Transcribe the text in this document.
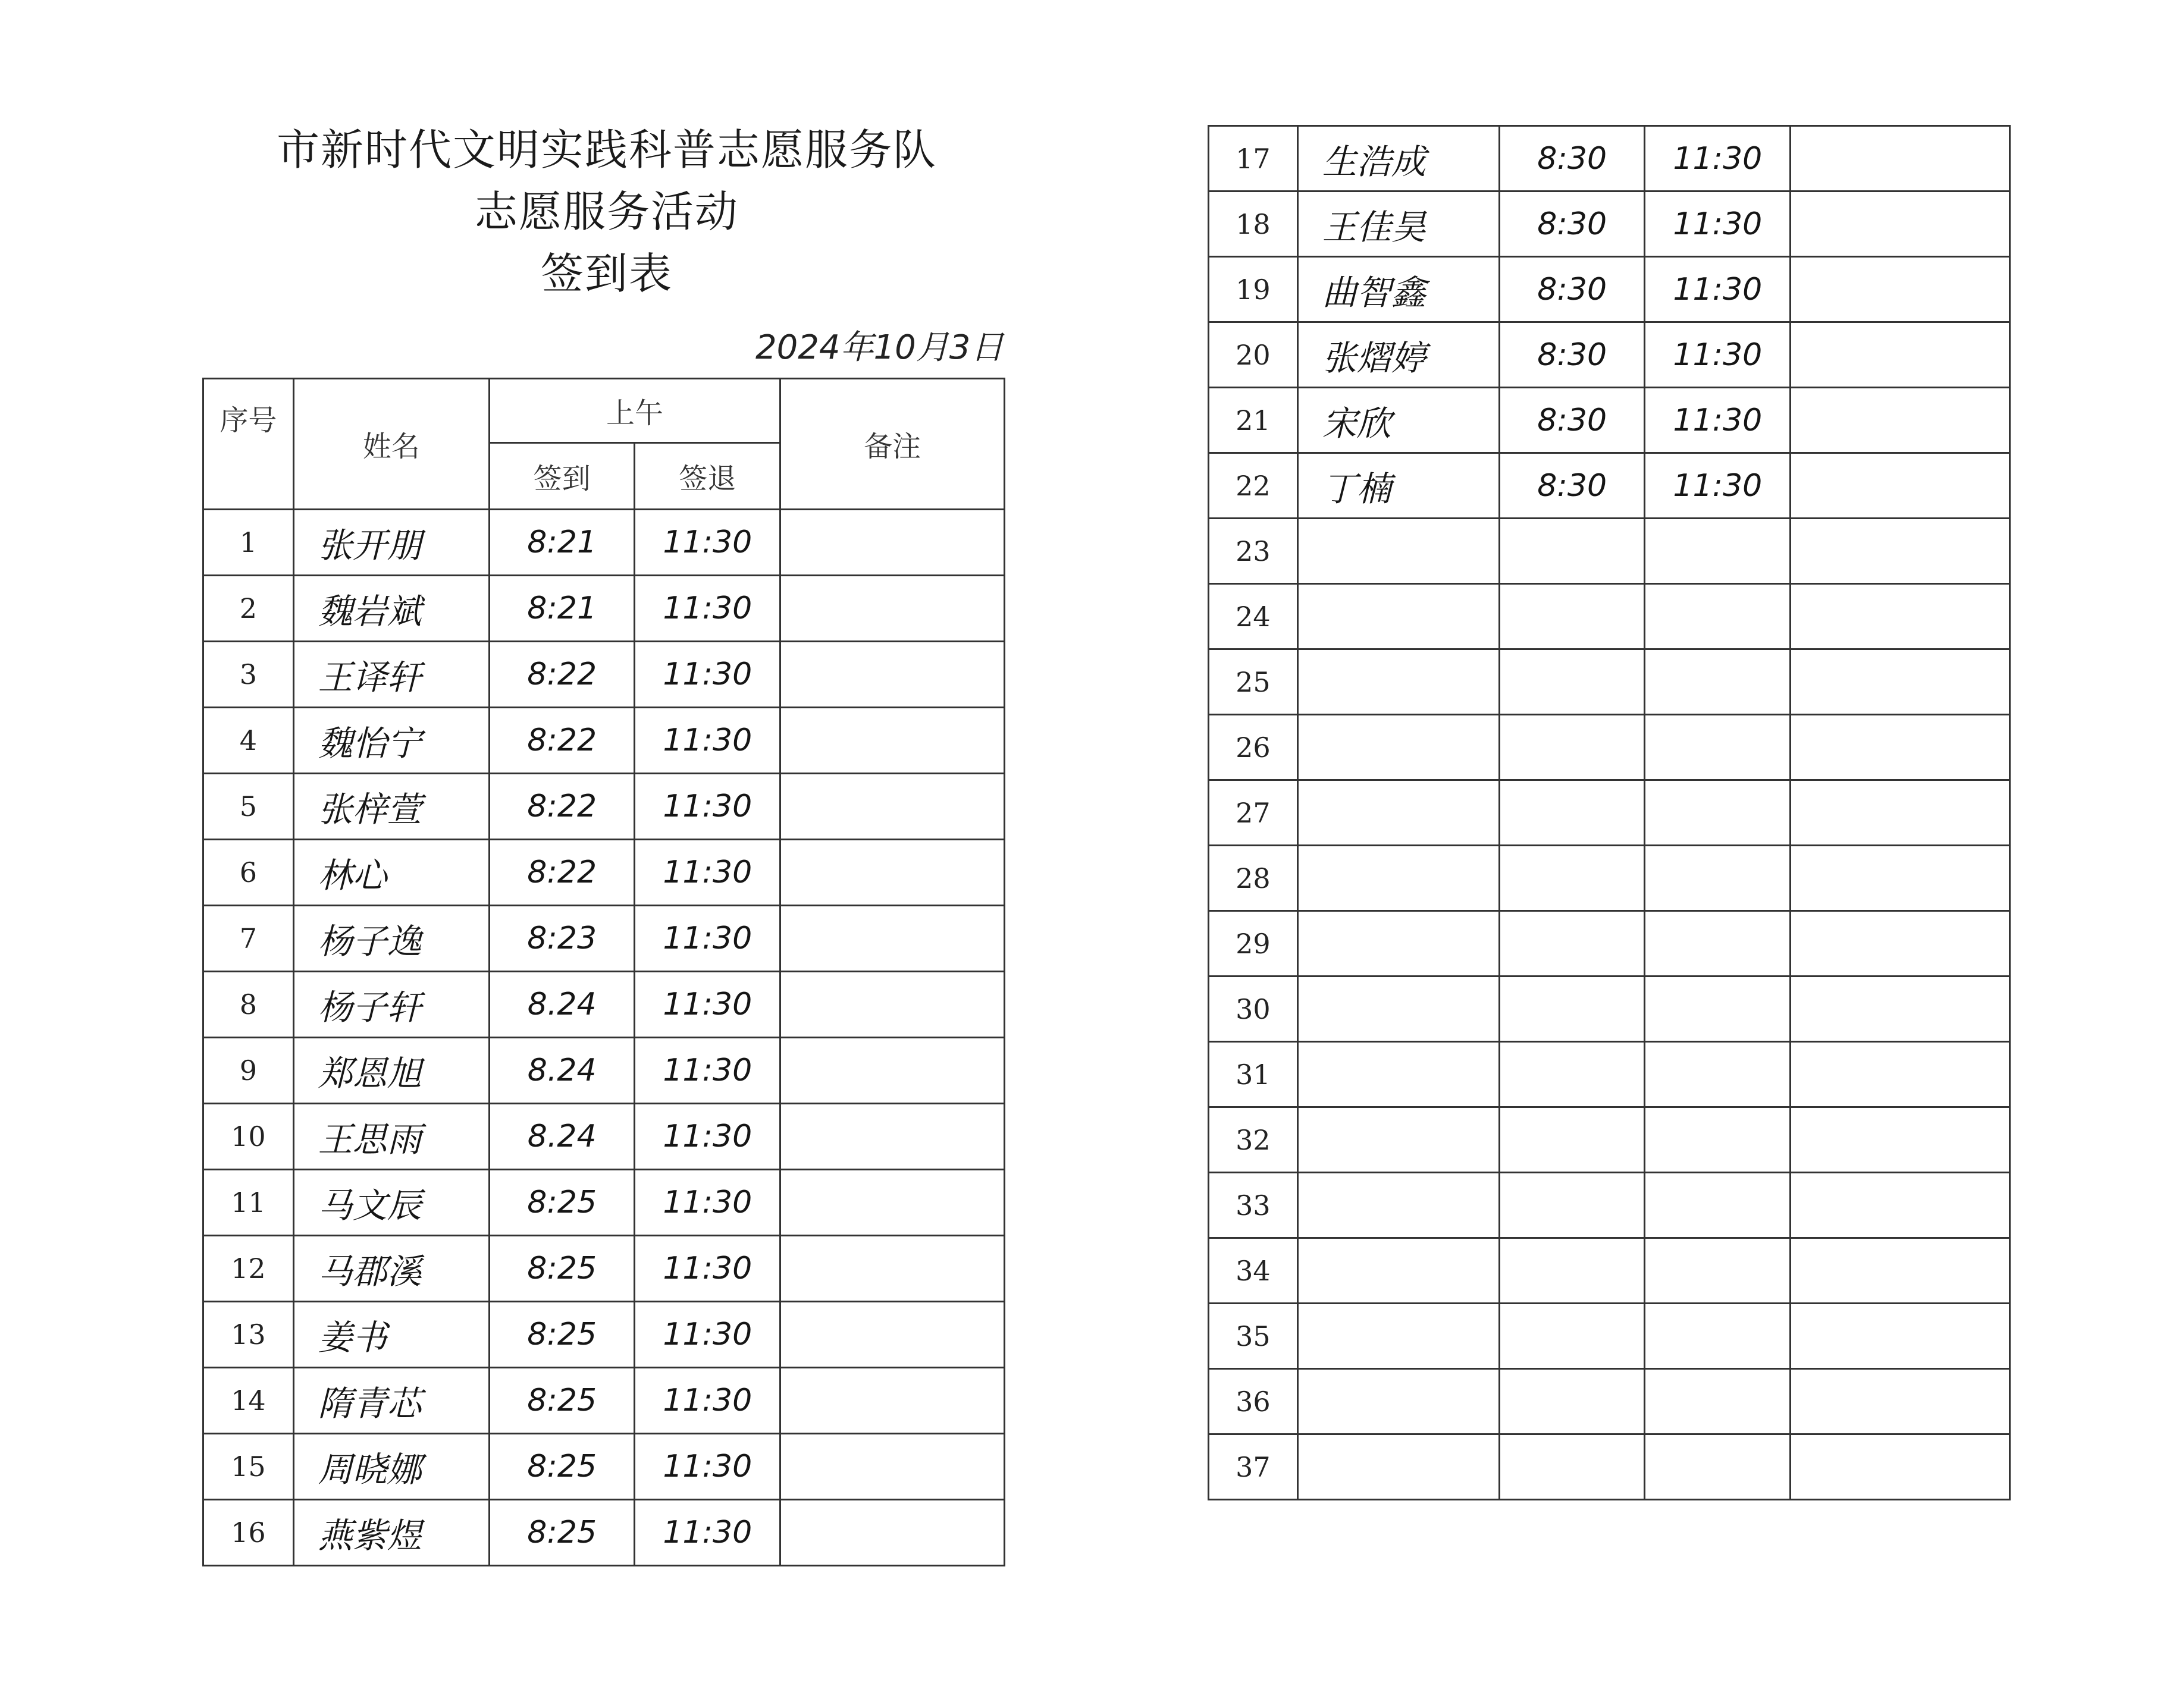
市新时代文明实践科普志愿服务队
志愿服务活动
签到表
2024年10月3日
序号	姓名	上午		备注
		签到	签退	
1	张开朋	8:21	11:30	
2	魏岩斌	8:21	11:30	
3	王译轩	8:22	11:30	
4	魏怡宁	8:22	11:30	
5	张梓萱	8:22	11:30	
6	林心	8:22	11:30	
7	杨子逸	8:23	11:30	
8	杨子轩	8.24	11:30	
9	郑恩旭	8.24	11:30	
10	王思雨	8.24	11:30	
11	马文辰	8:25	11:30	
12	马郡溪	8:25	11:30	
13	姜书	8:25	11:30	
14	隋青芯	8:25	11:30	
15	周晓娜	8:25	11:30	
16	燕紫煜	8:25	11:30	
17	生浩成	8:30	11:30	
18	王佳昊	8:30	11:30	
19	曲智鑫	8:30	11:30	
20	张熠婷	8:30	11:30	
21	宋欣	8:30	11:30	
22	丁楠	8:30	11:30	
23				
24				
25				
26				
27				
28				
29				
30				
31				
32				
33				
34				
35				
36				
37				
